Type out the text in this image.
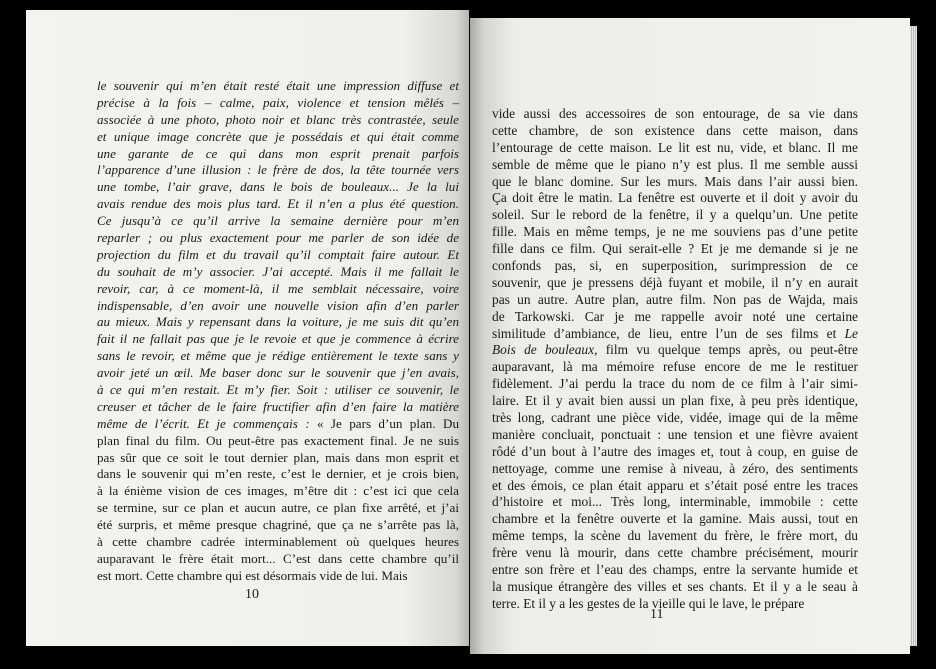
le souvenir qui m’en était resté était une impression diffuse et
précise à la fois – calme, paix, violence et tension mêlés –
associée à une photo, photo noir et blanc très contrastée, seule
et unique image concrète que je possédais et qui était comme
une garante de ce qui dans mon esprit prenait parfois
l’apparence d’une illusion : le frère de dos, la tête tournée vers
une tombe, l’air grave, dans le bois de bouleaux... Je la lui
avais rendue des mois plus tard. Et il n’en a plus été question.
Ce jusqu’à ce qu’il arrive la semaine dernière pour m’en
reparler ; ou plus exactement pour me parler de son idée de
projection du film et du travail qu’il comptait faire autour. Et
du souhait de m’y associer. J’ai accepté. Mais il me fallait le
revoir, car, à ce moment-là, il me semblait nécessaire, voire
indispensable, d’en avoir une nouvelle vision afin d’en parler
au mieux. Mais y repensant dans la voiture, je me suis dit qu’en
fait il ne fallait pas que je le revoie et que je commence à écrire
sans le revoir, et même que je rédige entièrement le texte sans y
avoir jeté un œil. Me baser donc sur le souvenir que j’en avais,
à ce qui m’en restait. Et m’y fier. Soit : utiliser ce souvenir, le
creuser et tâcher de le faire fructifier afin d’en faire la matière
même de l’écrit. Et je commençais : « Je pars d’un plan. Du
plan final du film. Ou peut-être pas exactement final. Je ne suis
pas sûr que ce soit le tout dernier plan, mais dans mon esprit et
dans le souvenir qui m’en reste, c’est le dernier, et je crois bien,
à la énième vision de ces images, m’être dit : c’est ici que cela
se termine, sur ce plan et aucun autre, ce plan fixe arrêté, et j’ai
été surpris, et même presque chagriné, que ça ne s’arrête pas là,
à cette chambre cadrée interminablement où quelques heures
auparavant le frère était mort... C’est dans cette chambre qu’il
est mort. Cette chambre qui est désormais vide de lui. Mais
10
vide aussi des accessoires de son entourage, de sa vie dans
cette chambre, de son existence dans cette maison, dans
l’entourage de cette maison. Le lit est nu, vide, et blanc. Il me
semble de même que le piano n’y est plus. Il me semble aussi
que le blanc domine. Sur les murs. Mais dans l’air aussi bien.
Ça doit être le matin. La fenêtre est ouverte et il doit y avoir du
soleil. Sur le rebord de la fenêtre, il y a quelqu’un. Une petite
fille. Mais en même temps, je ne me souviens pas d’une petite
fille dans ce film. Qui serait-elle ? Et je me demande si je ne
confonds pas, si, en superposition, surimpression de ce
souvenir, que je pressens déjà fuyant et mobile, il n’y en aurait
pas un autre. Autre plan, autre film. Non pas de Wajda, mais
de Tarkowski. Car je me rappelle avoir noté une certaine
similitude d’ambiance, de lieu, entre l’un de ses films et Le
Bois de bouleaux, film vu quelque temps après, ou peut-être
auparavant, là ma mémoire refuse encore de me le restituer
fidèlement. J’ai perdu la trace du nom de ce film à l’air simi-
laire. Et il y avait bien aussi un plan fixe, à peu près identique,
très long, cadrant une pièce vide, vidée, image qui de la même
manière concluait, ponctuait : une tension et une fièvre avaient
rôdé d’un bout à l’autre des images et, tout à coup, en guise de
nettoyage, comme une remise à niveau, à zéro, des sentiments
et des émois, ce plan était apparu et s’était posé entre les traces
d’histoire et moi... Très long, interminable, immobile : cette
chambre et la fenêtre ouverte et la gamine. Mais aussi, tout en
même temps, la scène du lavement du frère, le frère mort, du
frère venu là mourir, dans cette chambre précisément, mourir
entre son frère et l’eau des champs, entre la servante humide et
la musique étrangère des villes et ses chants. Et il y a le seau à
terre. Et il y a les gestes de la vieille qui le lave, le prépare
11
